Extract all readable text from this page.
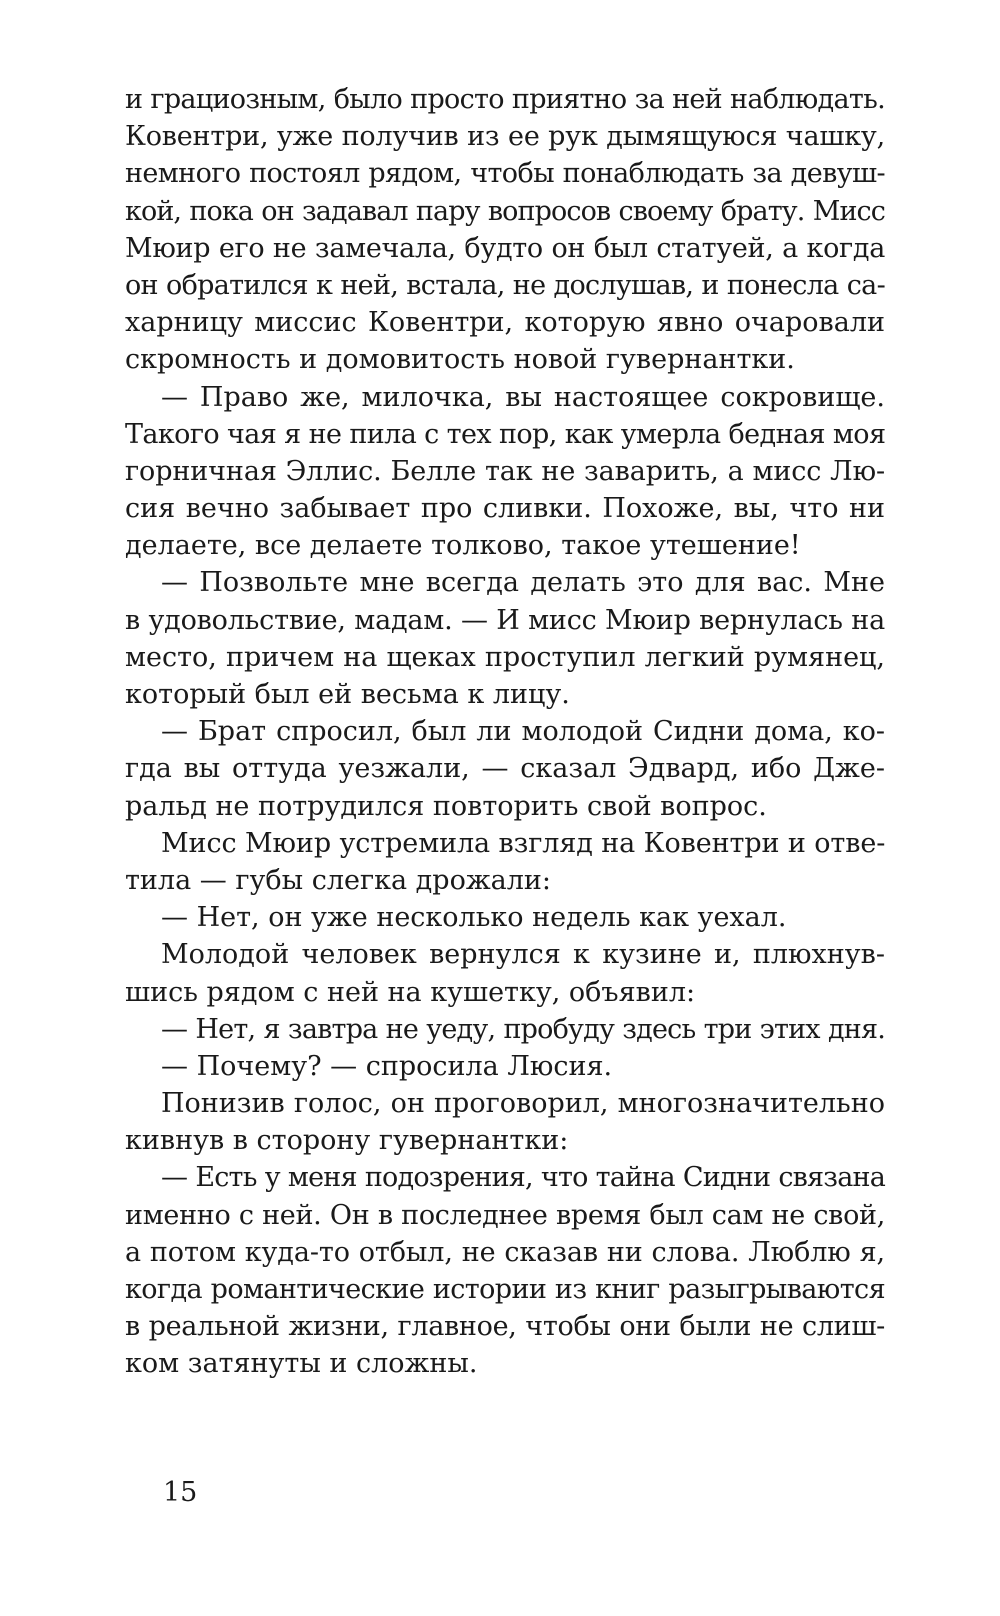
и грациозным, было просто приятно за ней наблюдать.
Ковентри, уже получив из ее рук дымящуюся чашку,
немного постоял рядом, чтобы понаблюдать за девуш-
кой, пока он задавал пару вопросов своему брату. Мисс
Мюир его не замечала, будто он был статуей, а когда
он обратился к ней, встала, не дослушав, и понесла са-
харницу миссис Ковентри, которую явно очаровали
скромность и домовитость новой гувернантки.
— Право же, милочка, вы настоящее сокровище.
Такого чая я не пила с тех пор, как умерла бедная моя
горничная Эллис. Белле так не заварить, а мисс Лю-
сия вечно забывает про сливки. Похоже, вы, что ни
делаете, все делаете толково, такое утешение!
— Позвольте мне всегда делать это для вас. Мне
в удовольствие, мадам. — И мисс Мюир вернулась на
место, причем на щеках проступил легкий румянец,
который был ей весьма к лицу.
— Брат спросил, был ли молодой Сидни дома, ко-
гда вы оттуда уезжали, — сказал Эдвард, ибо Дже-
ральд не потрудился повторить свой вопрос.
Мисс Мюир устремила взгляд на Ковентри и отве-
тила — губы слегка дрожали:
— Нет, он уже несколько недель как уехал.
Молодой человек вернулся к кузине и, плюхнув-
шись рядом с ней на кушетку, объявил:
— Нет, я завтра не уеду, пробуду здесь три этих дня.
— Почему? — спросила Люсия.
Понизив голос, он проговорил, многозначительно
кивнув в сторону гувернантки:
— Есть у меня подозрения, что тайна Сидни связана
именно с ней. Он в последнее время был сам не свой,
а потом куда-то отбыл, не сказав ни слова. Люблю я,
когда романтические истории из книг разыгрываются
в реальной жизни, главное, чтобы они были не слиш-
ком затянуты и сложны.
15
